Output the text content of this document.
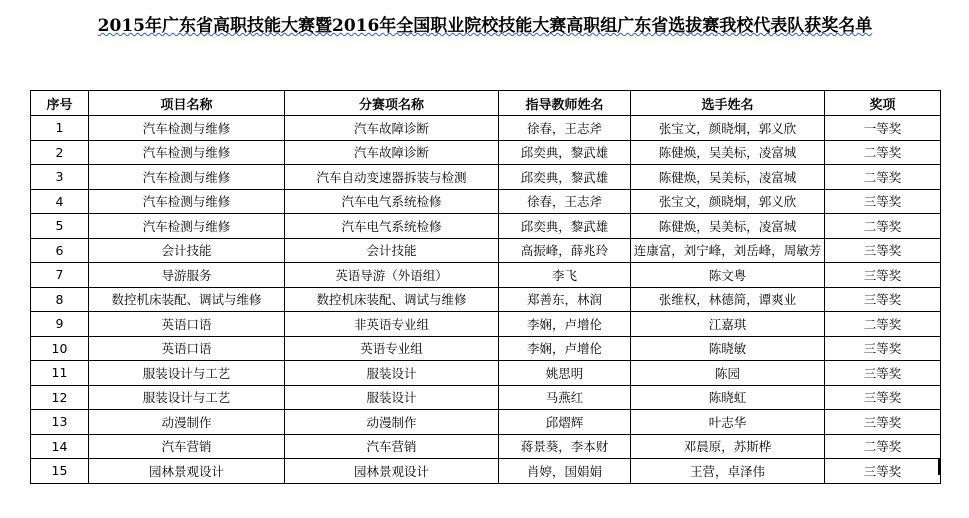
2015年广东省高职技能大赛暨2016年全国职业院校技能大赛高职组广东省选拔赛我校代表队获奖名单
序号	项目名称	分赛项名称	指导教师姓名	选手姓名	奖项
1	汽车检测与维修	汽车故障诊断	徐春，王志斧	张宝文，颜晓炯，郭义欣	一等奖
2	汽车检测与维修	汽车故障诊断	邱奕典，黎武雄	陈健焕，吴美标，凌富城	二等奖
3	汽车检测与维修	汽车自动变速器拆装与检测	邱奕典，黎武雄	陈健焕，吴美标，凌富城	二等奖
4	汽车检测与维修	汽车电气系统检修	徐春，王志斧	张宝文，颜晓炯，郭义欣	三等奖
5	汽车检测与维修	汽车电气系统检修	邱奕典，黎武雄	陈健焕，吴美标，凌富城	二等奖
6	会计技能	会计技能	高振峰，薛兆玲	连康富，刘宁峰，刘岳峰，周敏芳	三等奖
7	导游服务	英语导游（外语组）	李飞	陈文粤	三等奖
8	数控机床装配、调试与维修	数控机床装配、调试与维修	郑善东，林润	张维权，林德简，谭爽业	三等奖
9	英语口语	非英语专业组	李娴，卢增伦	江嘉琪	二等奖
10	英语口语	英语专业组	李娴，卢增伦	陈晓敏	三等奖
11	服装设计与工艺	服装设计	姚思明	陈园	三等奖
12	服装设计与工艺	服装设计	马燕红	陈晓虹	三等奖
13	动漫制作	动漫制作	邱熠辉	叶志华	三等奖
14	汽车营销	汽车营销	蒋景葵，李本财	邓晨原，苏斯桦	二等奖
15	园林景观设计	园林景观设计	肖婷，国娟娟	王营，卓泽伟	三等奖
